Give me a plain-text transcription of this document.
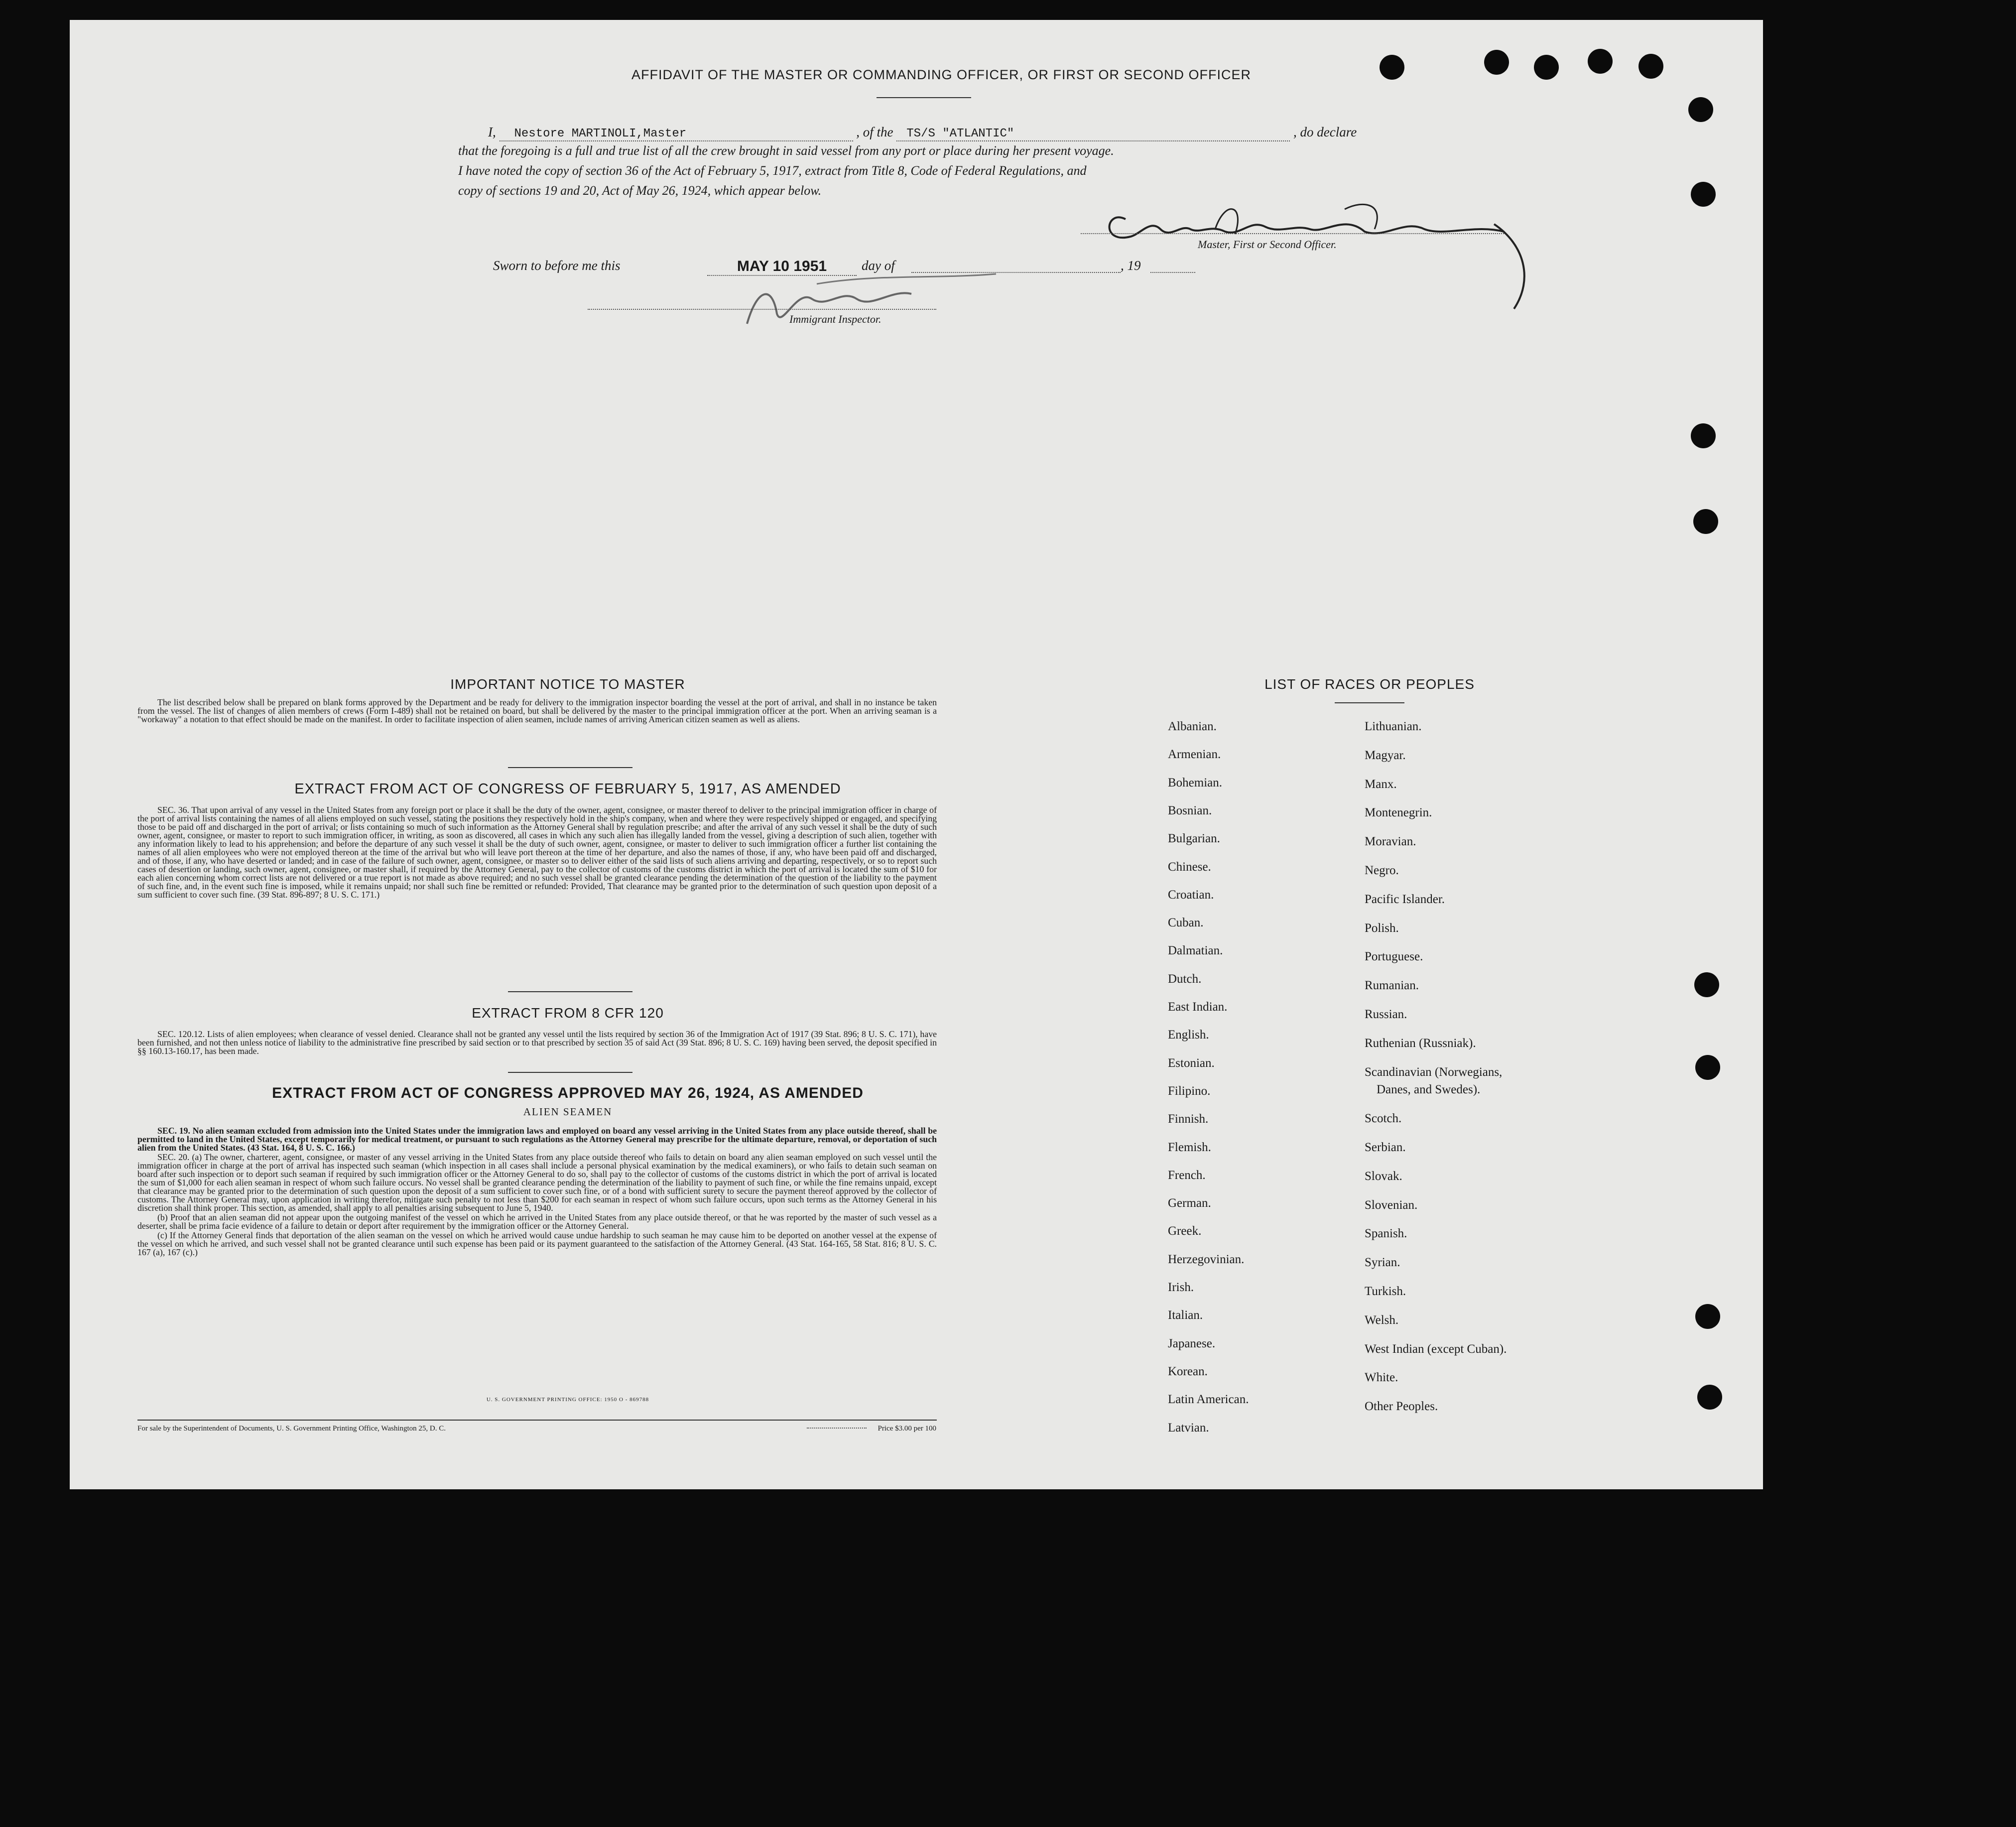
AFFIDAVIT OF THE MASTER OR COMMANDING OFFICER, OR FIRST OR SECOND OFFICER
I, Nestore MARTINOLI,Master	, of the TS/S "ATLANTIC"	, do declare
that the foregoing is a full and true list of all the crew brought in said vessel from any port or place during her present voyage.
I have noted the copy of section 36 of the Act of February 5, 1917, extract from Title 8, Code of Federal Regulations, and
copy of sections 19 and 20, Act of May 26, 1924, which appear below.
Master, First or Second Officer.
Sworn to before me this	MAY 10 1951	day of	, 19
Immigrant Inspector.
IMPORTANT NOTICE TO MASTER

The list described below shall be prepared on blank forms approved by the Department and be ready for delivery to the immigration inspector boarding the vessel at the port of arrival, and shall in no instance be taken from the vessel. The list of changes of alien members of crews (Form I-489) shall not be retained on board, but shall be delivered by the master to the principal immigration officer at the port. When an arriving seaman is a "workaway" a notation to that effect should be made on the manifest. In order to facilitate inspection of alien seamen, include names of arriving American citizen seamen as well as aliens.

EXTRACT FROM ACT OF CONGRESS OF FEBRUARY 5, 1917, AS AMENDED

SEC. 36. That upon arrival of any vessel in the United States from any foreign port or place it shall be the duty of the owner, agent, consignee, or master thereof to deliver to the principal immigration officer in charge of the port of arrival lists containing the names of all aliens employed on such vessel, stating the positions they respectively hold in the ship's company, when and where they were respectively shipped or engaged, and specifying those to be paid off and discharged in the port of arrival; or lists containing so much of such information as the Attorney General shall by regulation prescribe; and after the arrival of any such vessel it shall be the duty of such owner, agent, consignee, or master to report to such immigration officer, in writing, as soon as discovered, all cases in which any such alien has illegally landed from the vessel, giving a description of such alien, together with any information likely to lead to his apprehension; and before the departure of any such vessel it shall be the duty of such owner, agent, consignee, or master to deliver to such immigration officer a further list containing the names of all alien employees who were not employed thereon at the time of the arrival but who will leave port thereon at the time of her departure, and also the names of those, if any, who have been paid off and discharged, and of those, if any, who have deserted or landed; and in case of the failure of such owner, agent, consignee, or master so to deliver either of the said lists of such aliens arriving and departing, respectively, or so to report such cases of desertion or landing, such owner, agent, consignee, or master shall, if required by the Attorney General, pay to the collector of customs of the customs district in which the port of arrival is located the sum of $10 for each alien concerning whom correct lists are not delivered or a true report is not made as above required; and no such vessel shall be granted clearance pending the determination of the question of the liability to the payment of such fine, and, in the event such fine is imposed, while it remains unpaid; nor shall such fine be remitted or refunded: Provided, That clearance may be granted prior to the determination of such question upon deposit of a sum sufficient to cover such fine. (39 Stat. 896-897; 8 U. S. C. 171.)

EXTRACT FROM 8 CFR 120

SEC. 120.12. Lists of alien employees; when clearance of vessel denied. Clearance shall not be granted any vessel until the lists required by section 36 of the Immigration Act of 1917 (39 Stat. 896; 8 U. S. C. 171), have been furnished, and not then unless notice of liability to the administrative fine prescribed by said section or to that prescribed by section 35 of said Act (39 Stat. 896; 8 U. S. C. 169) having been served, the deposit specified in §§ 160.13-160.17, has been made.

EXTRACT FROM ACT OF CONGRESS APPROVED MAY 26, 1924, AS AMENDED
ALIEN SEAMEN

SEC. 19. No alien seaman excluded from admission into the United States under the immigration laws and employed on board any vessel arriving in the United States from any place outside thereof, shall be permitted to land in the United States, except temporarily for medical treatment, or pursuant to such regulations as the Attorney General may prescribe for the ultimate departure, removal, or deportation of such alien from the United States. (43 Stat. 164, 8 U. S. C. 166.)

SEC. 20. (a) The owner, charterer, agent, consignee, or master of any vessel arriving in the United States from any place outside thereof who fails to detain on board any alien seaman employed on such vessel until the immigration officer in charge at the port of arrival has inspected such seaman (which inspection in all cases shall include a personal physical examination by the medical examiners), or who fails to detain such seaman on board after such inspection or to deport such seaman if required by such immigration officer or the Attorney General to do so, shall pay to the collector of customs of the customs district in which the port of arrival is located the sum of $1,000 for each alien seaman in respect of whom such failure occurs. No vessel shall be granted clearance pending the determination of the liability to payment of such fine, or while the fine remains unpaid, except that clearance may be granted prior to the determination of such question upon the deposit of a sum sufficient to cover such fine, or of a bond with sufficient surety to secure the payment thereof approved by the collector of customs. The Attorney General may, upon application in writing therefor, mitigate such penalty to not less than $200 for each seaman in respect of whom such failure occurs, upon such terms as the Attorney General in his discretion shall think proper. This section, as amended, shall apply to all penalties arising subsequent to June 5, 1940.

(b) Proof that an alien seaman did not appear upon the outgoing manifest of the vessel on which he arrived in the United States from any place outside thereof, or that he was reported by the master of such vessel as a deserter, shall be prima facie evidence of a failure to detain or deport after requirement by the immigration officer or the Attorney General.

(c) If the Attorney General finds that deportation of the alien seaman on the vessel on which he arrived would cause undue hardship to such seaman he may cause him to be deported on another vessel at the expense of the vessel on which he arrived, and such vessel shall not be granted clearance until such expense has been paid or its payment guaranteed to the satisfaction of the Attorney General. (43 Stat. 164-165, 58 Stat. 816; 8 U. S. C. 167 (a), 167 (c).)

U. S. GOVERNMENT PRINTING OFFICE: 1950 O - 869788
For sale by the Superintendent of Documents, U. S. Government Printing Office, Washington 25, D. C.	Price $3.00 per 100
LIST OF RACES OR PEOPLES
Albanian.
Armenian.
Bohemian.
Bosnian.
Bulgarian.
Chinese.
Croatian.
Cuban.
Dalmatian.
Dutch.
East Indian.
English.
Estonian.
Filipino.
Finnish.
Flemish.
French.
German.
Greek.
Herzegovinian.
Irish.
Italian.
Japanese.
Korean.
Latin American.
Latvian.
Lithuanian.
Magyar.
Manx.
Montenegrin.
Moravian.
Negro.
Pacific Islander.
Polish.
Portuguese.
Rumanian.
Russian.
Ruthenian (Russniak).
Scandinavian (Norwegians,
Danes, and Swedes).
Scotch.
Serbian.
Slovak.
Slovenian.
Spanish.
Syrian.
Turkish.
Welsh.
West Indian (except Cuban).
White.
Other Peoples.
